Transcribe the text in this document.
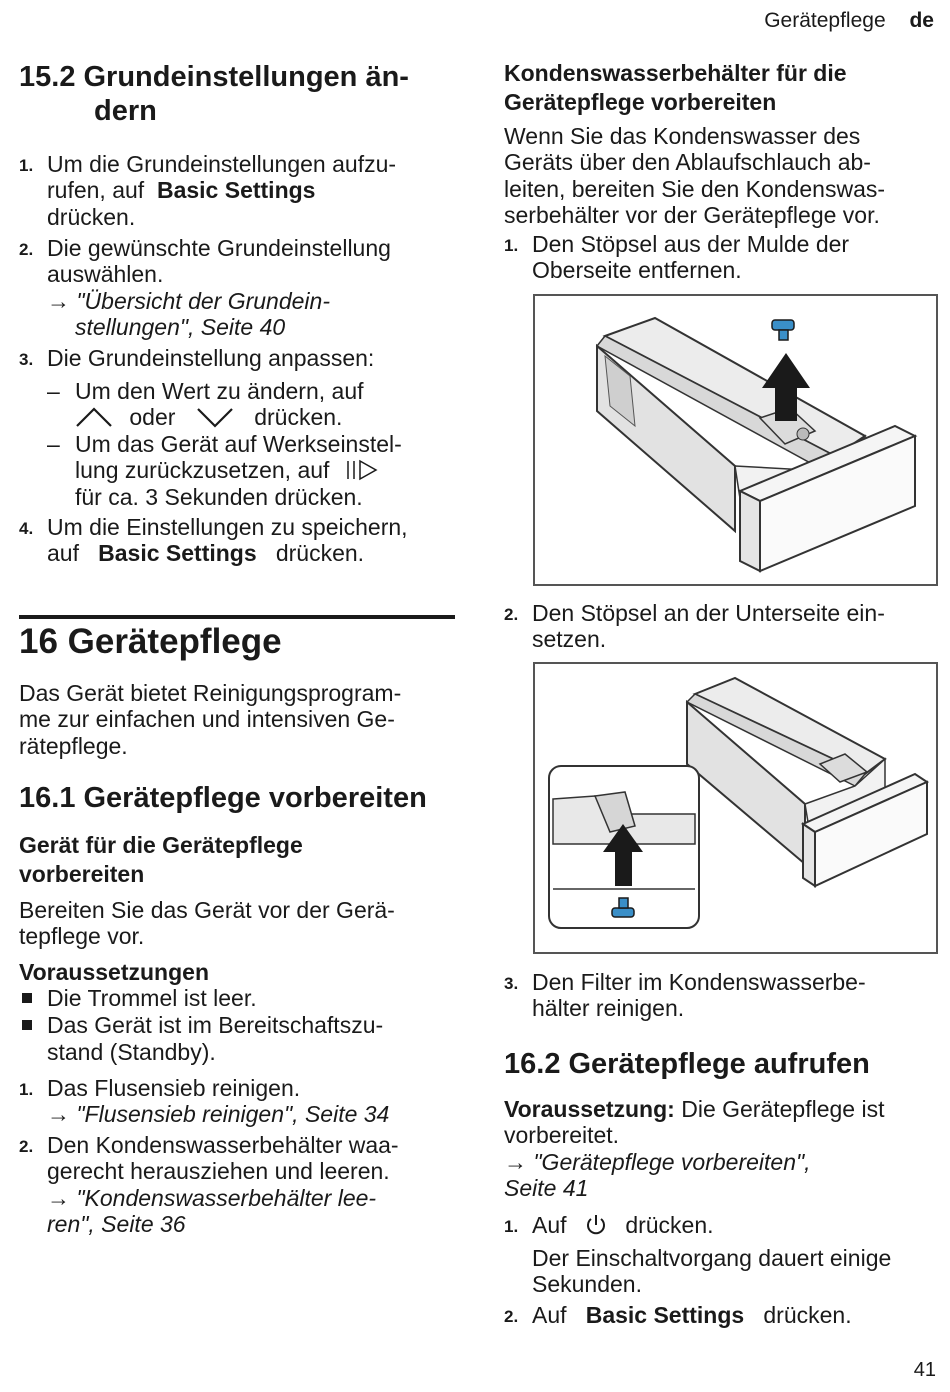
Gerätepflege de
15.2 Grundeinstellungen än-
dern
1. Um die Grundeinstellungen aufzu-
rufen, auf Basic Settings
drücken.
2. Die gewünschte Grundeinstellung
auswählen.
→ "Übersicht der Grundein-
stellungen", Seite 40
3. Die Grundeinstellung anpassen:
– Um den Wert zu ändern, auf
oder	drücken.
– Um das Gerät auf Werkseinstel-
lung zurückzusetzen, auf
für ca. 3 Sekunden drücken.
4. Um die Einstellungen zu speichern,
auf Basic Settings drücken.
16 Gerätepflege
Das Gerät bietet Reinigungsprogram-
me zur einfachen und intensiven Ge-
rätepflege.
16.1 Gerätepflege vorbereiten
Gerät für die Gerätepflege
vorbereiten
Bereiten Sie das Gerät vor der Gerä-
tepflege vor.
Voraussetzungen
Die Trommel ist leer.
Das Gerät ist im Bereitschaftszu-
stand (Standby).
1. Das Flusensieb reinigen.
→ "Flusensieb reinigen", Seite 34
2. Den Kondenswasserbehälter waa-
gerecht herausziehen und leeren.
→ "Kondenswasserbehälter lee-
ren", Seite 36
Kondenswasserbehälter für die
Gerätepflege vorbereiten
Wenn Sie das Kondenswasser des
Geräts über den Ablaufschlauch ab-
leiten, bereiten Sie den Kondenswas-
serbehälter vor der Gerätepflege vor.
1. Den Stöpsel aus der Mulde der
Oberseite entfernen.
2. Den Stöpsel an der Unterseite ein-
setzen.
3. Den Filter im Kondenswasserbe-
hälter reinigen.
16.2 Gerätepflege aufrufen
Voraussetzung: Die Gerätepflege ist
vorbereitet.
→ "Gerätepflege vorbereiten",
Seite 41
1. Auf	drücken.
Der Einschaltvorgang dauert einige
Sekunden.
2. Auf Basic Settings drücken.
41
